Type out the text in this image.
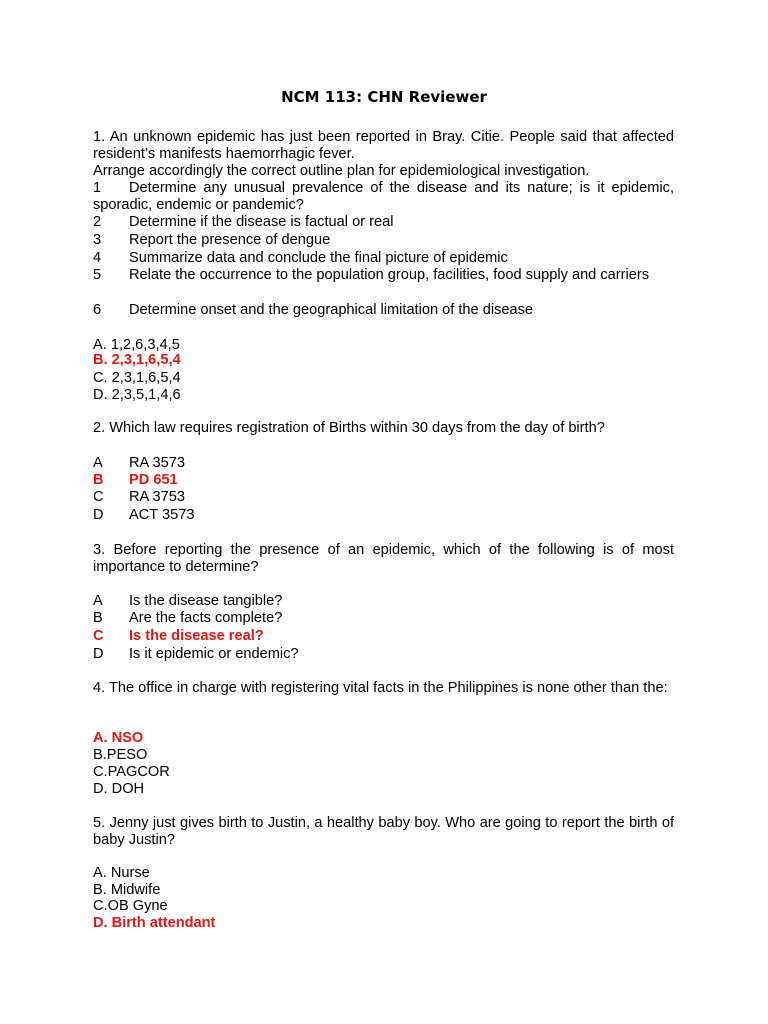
NCM 113: CHN Reviewer
1. An unknown epidemic has just been reported in Bray. Citie. People said that affected resident’s manifests haemorrhagic fever.
Arrange accordingly the correct outline plan for epidemiological investigation.
1 Determine any unusual prevalence of the disease and its nature; is it epidemic, sporadic, endemic or pandemic?
2 Determine if the disease is factual or real
3 Report the presence of dengue
4 Summarize data and conclude the final picture of epidemic
5 Relate the occurrence to the population group, facilities, food supply and carriers
6 Determine onset and the geographical limitation of the disease
A. 1,2,6,3,4,5
B. 2,3,1,6,5,4
C. 2,3,1,6,5,4
D. 2,3,5,1,4,6
2. Which law requires registration of Births within 30 days from the day of birth?
A RA 3573
B PD 651
C RA 3753
D ACT 3573
3. Before reporting the presence of an epidemic, which of the following is of most importance to determine?
A Is the disease tangible?
B Are the facts complete?
C Is the disease real?
D Is it epidemic or endemic?
4. The office in charge with registering vital facts in the Philippines is none other than the:
A. NSO
B.PESO
C.PAGCOR
D. DOH
5. Jenny just gives birth to Justin, a healthy baby boy. Who are going to report the birth of baby Justin?
A. Nurse
B. Midwife
C.OB Gyne
D. Birth attendant
